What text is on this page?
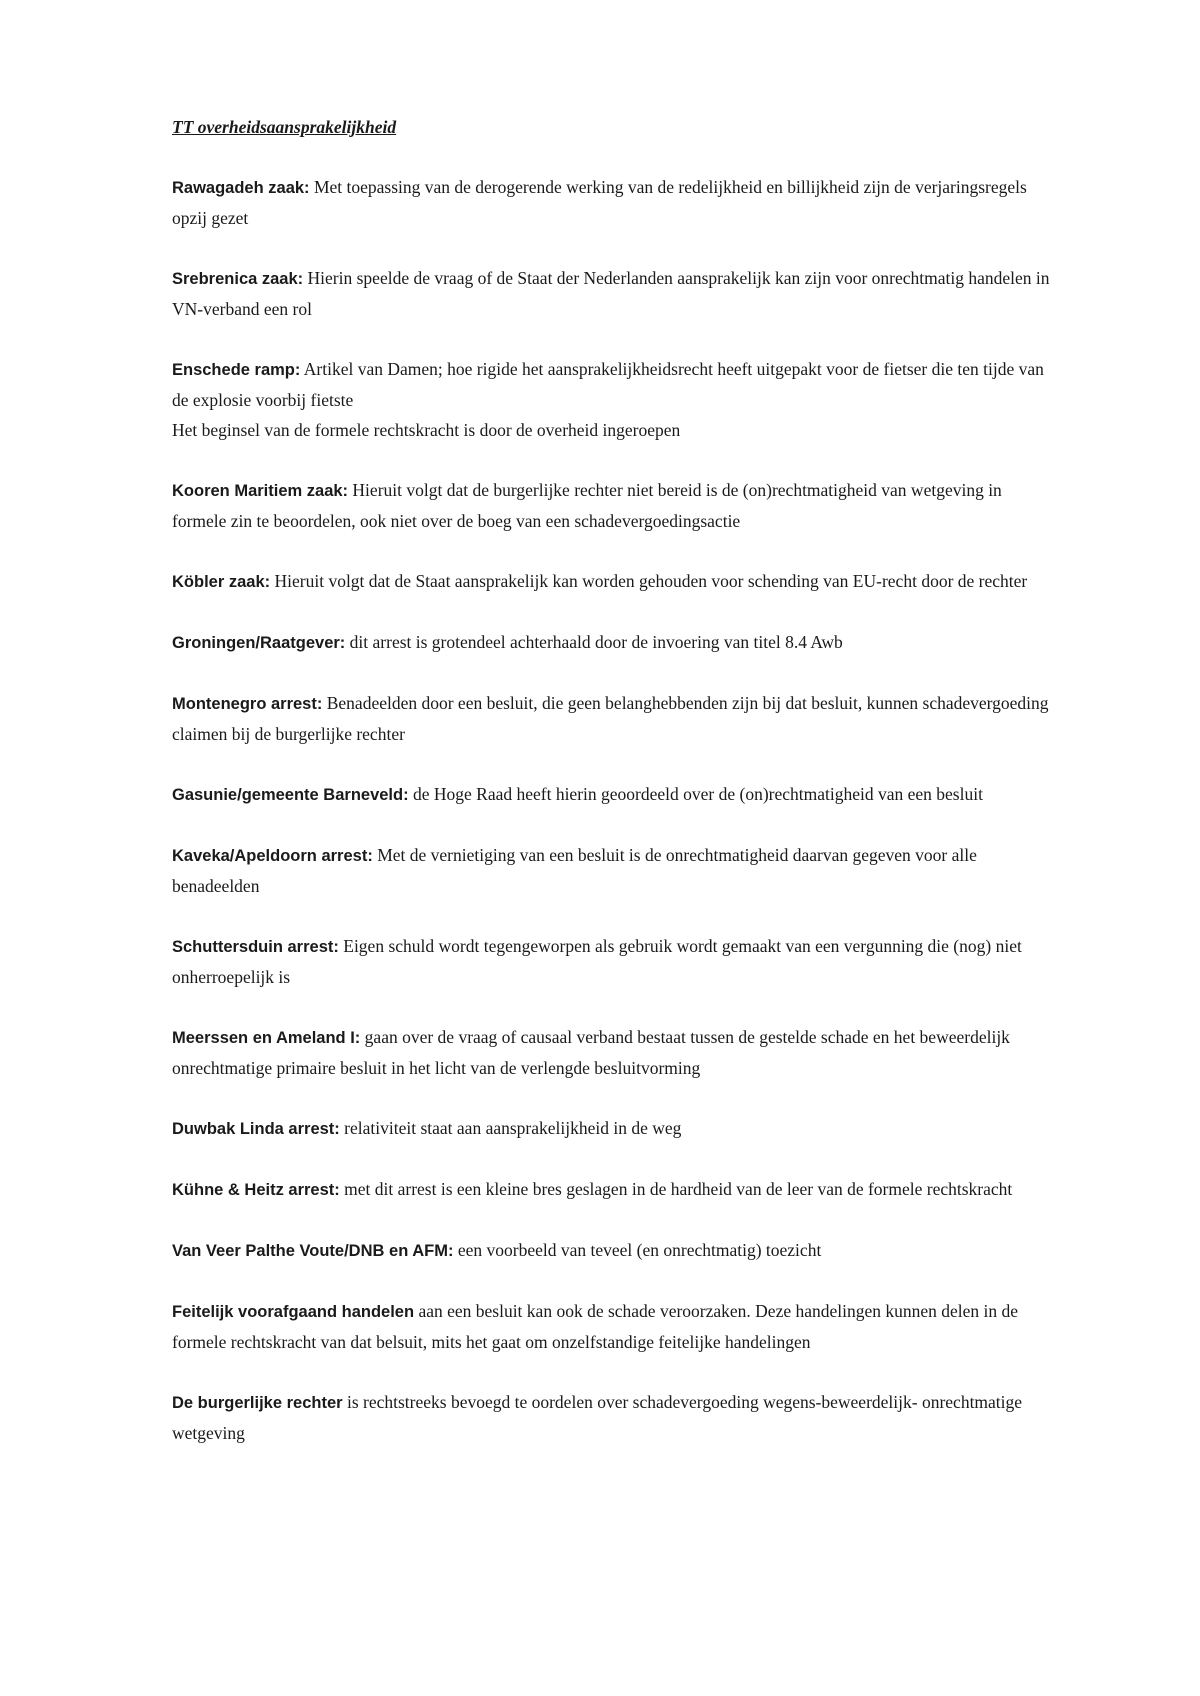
TT overheidsaansprakelijkheid

Rawagadeh zaak: Met toepassing van de derogerende werking van de redelijkheid en billijkheid zijn de verjaringsregels opzij gezet
Srebrenica zaak: Hierin speelde de vraag of de Staat der Nederlanden aansprakelijk kan zijn voor onrechtmatig handelen in VN-verband een rol
Enschede ramp: Artikel van Damen; hoe rigide het aansprakelijkheidsrecht heeft uitgepakt voor de fietser die ten tijde van de explosie voorbij fietste
Het beginsel van de formele rechtskracht is door de overheid ingeroepen
Kooren Maritiem zaak: Hieruit volgt dat de burgerlijke rechter niet bereid is de (on)rechtmatigheid van wetgeving in formele zin te beoordelen, ook niet over de boeg van een schadevergoedingsactie
Köbler zaak: Hieruit volgt dat de Staat aansprakelijk kan worden gehouden voor schending van EU-recht door de rechter
Groningen/Raatgever: dit arrest is grotendeel achterhaald door de invoering van titel 8.4 Awb
Montenegro arrest: Benadeelden door een besluit, die geen belanghebbenden zijn bij dat besluit, kunnen schadevergoeding claimen bij de burgerlijke rechter
Gasunie/gemeente Barneveld: de Hoge Raad heeft hierin geoordeeld over de (on)rechtmatigheid van een besluit
Kaveka/Apeldoorn arrest: Met de vernietiging van een besluit is de onrechtmatigheid daarvan gegeven voor alle benadeelden
Schuttersduin arrest: Eigen schuld wordt tegengeworpen als gebruik wordt gemaakt van een vergunning die (nog) niet onherroepelijk is
Meerssen en Ameland I: gaan over de vraag of causaal verband bestaat tussen de gestelde schade en het beweerdelijk onrechtmatige primaire besluit in het licht van de verlengde besluitvorming
Duwbak Linda arrest: relativiteit staat aan aansprakelijkheid in de weg
Kühne & Heitz arrest: met dit arrest is een kleine bres geslagen in de hardheid van de leer van de formele rechtskracht
Van Veer Palthe Voute/DNB en AFM: een voorbeeld van teveel (en onrechtmatig) toezicht
Feitelijk voorafgaand handelen aan een besluit kan ook de schade veroorzaken. Deze handelingen kunnen delen in de formele rechtskracht van dat belsuit, mits het gaat om onzelfstandige feitelijke handelingen
De burgerlijke rechter is rechtstreeks bevoegd te oordelen over schadevergoeding wegens-beweerdelijk- onrechtmatige wetgeving
